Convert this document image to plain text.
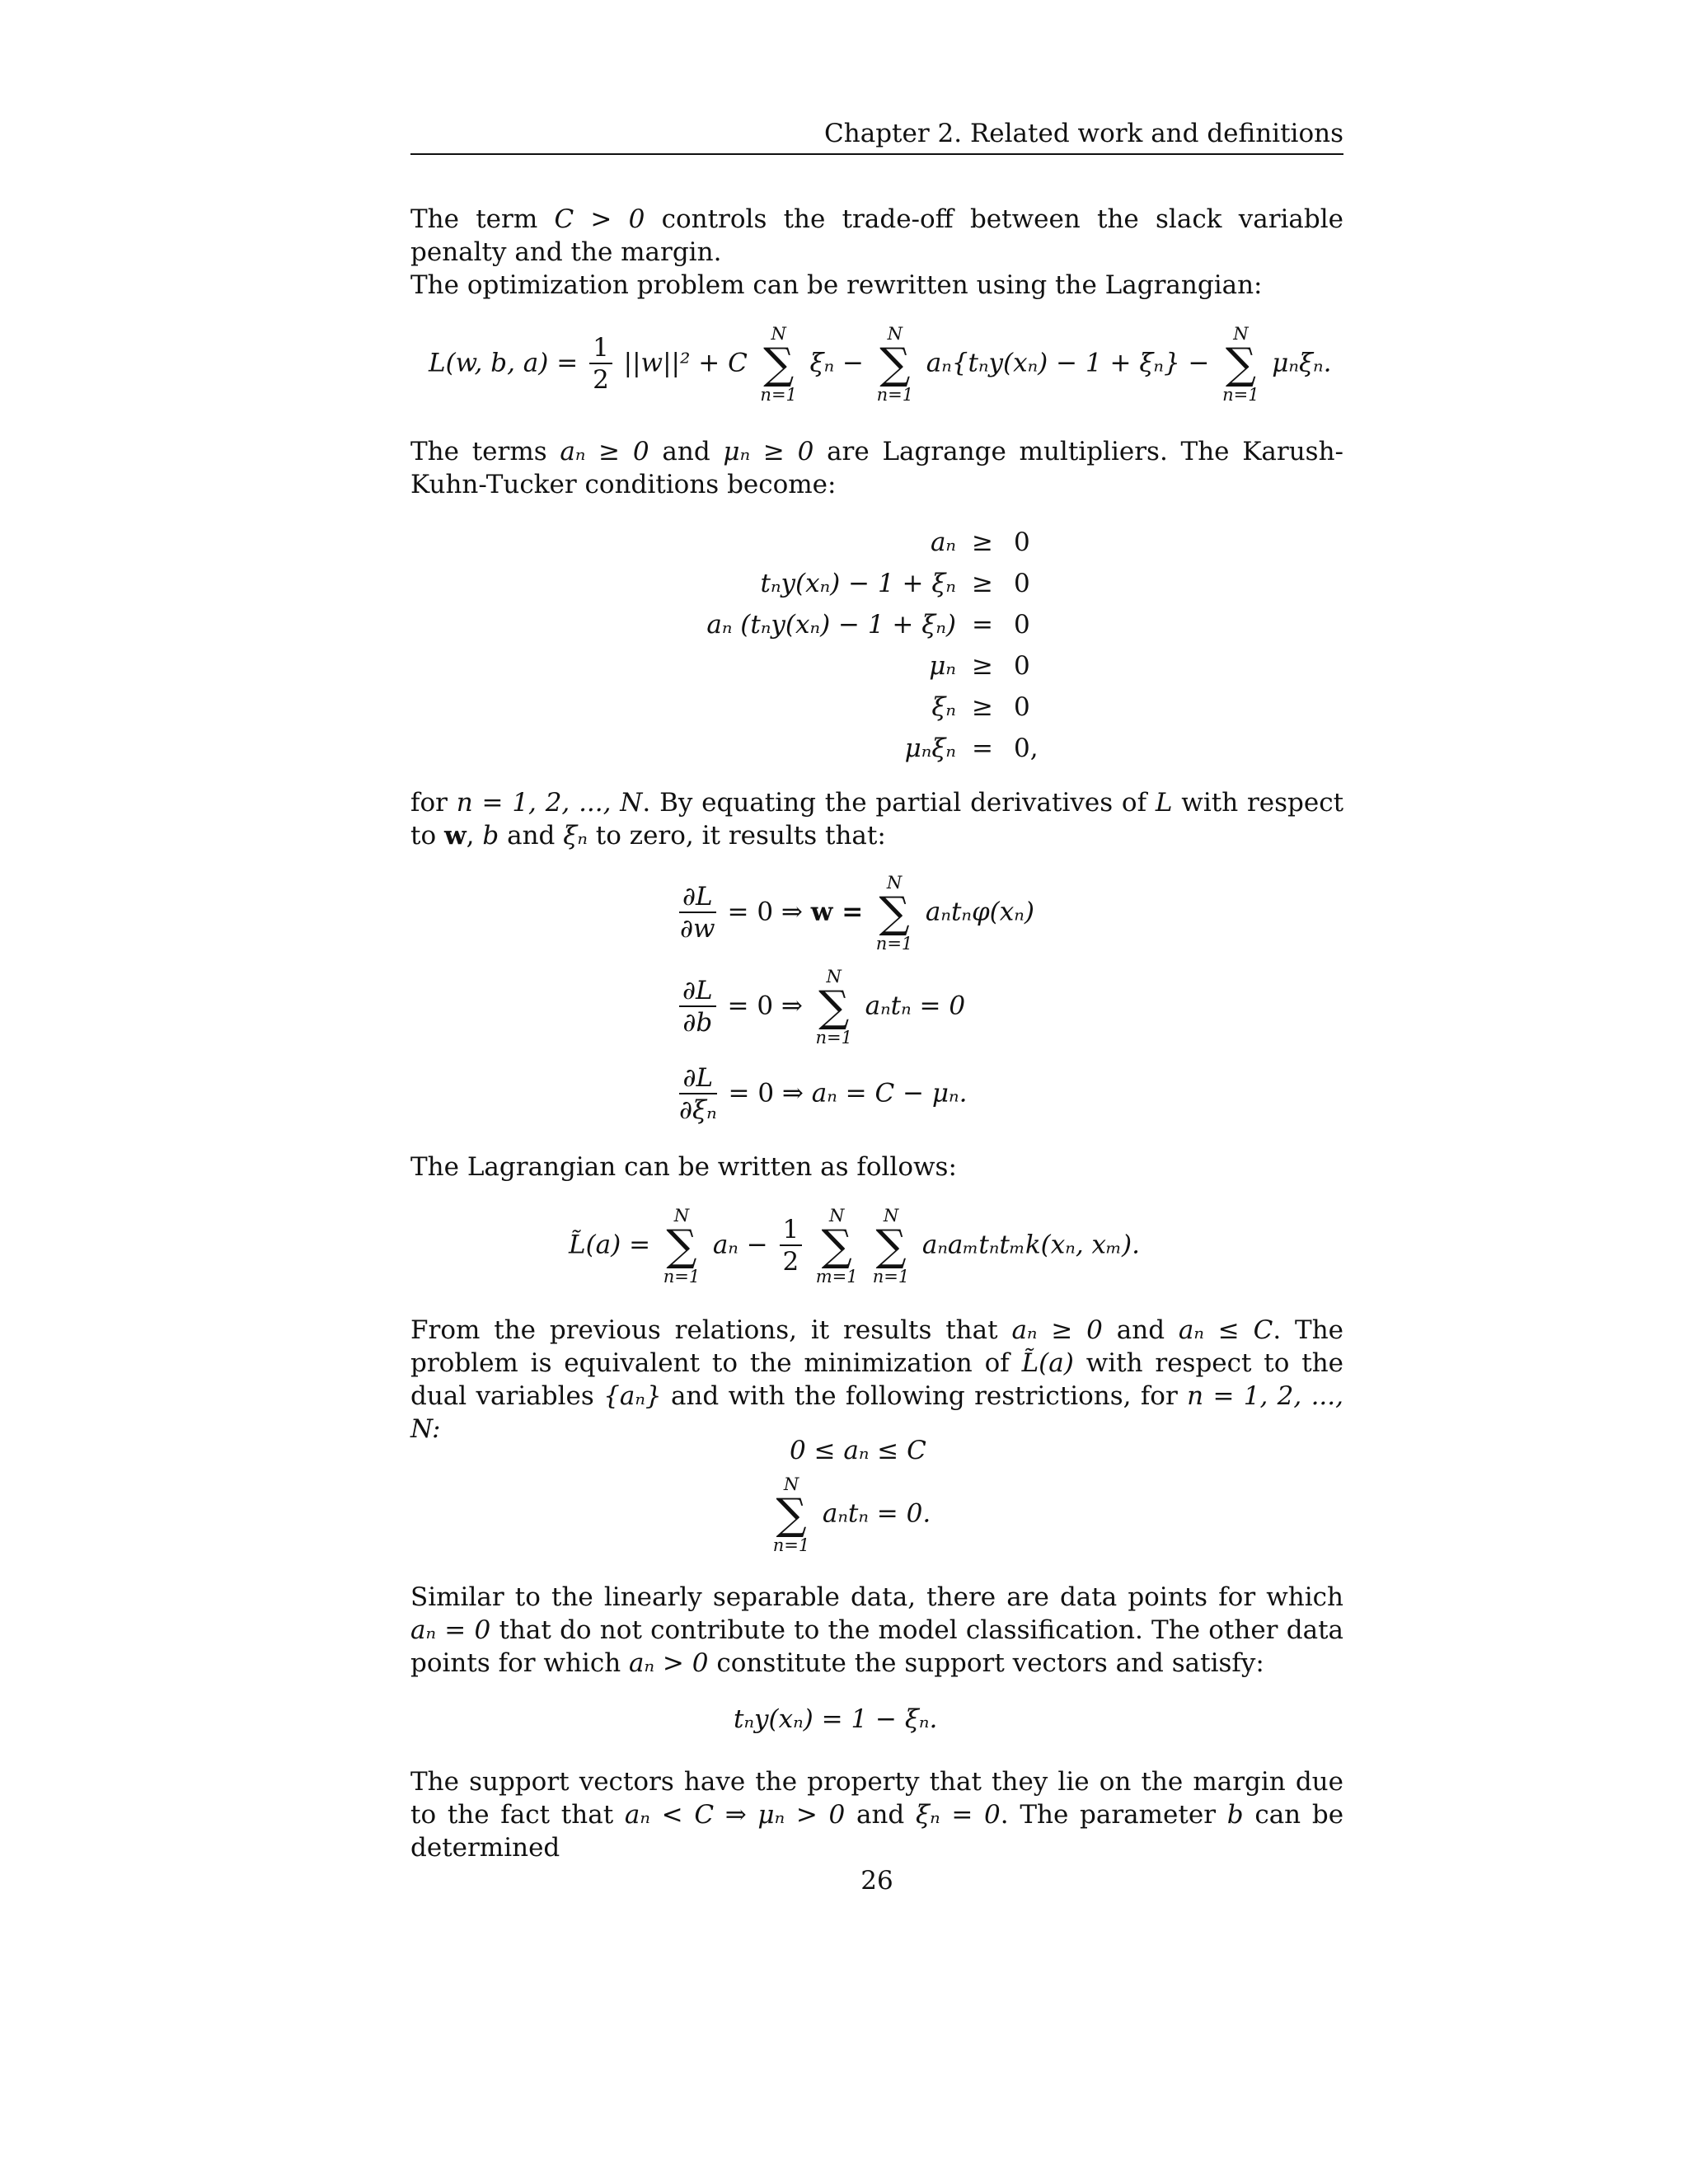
Chapter 2. Related work and definitions

The term C > 0 controls the trade-off between the slack variable penalty and the margin.
The optimization problem can be rewritten using the Lagrangian:

L(w, b, $a) = \frac{1}{2} ||w||^2 + C$
N
∑
n=1
ξₙ −
N
∑
n=1
aₙ{tₙy(xₙ) − 1 + ξₙ} −
N
∑
n=1
μₙξₙ.

The terms aₙ ≥ 0 and μₙ ≥ 0 are Lagrange multipliers. The Karush-Kuhn-Tucker conditions become:

aₙ ≥ 0
tₙy(xₙ) − 1 + ξₙ ≥ 0
aₙ (tₙy(xₙ) − 1 + ξₙ) = 0
μₙ ≥ 0
ξₙ ≥ 0
μₙξₙ = 0,

for n = 1, 2, ..., N. By equating the partial derivatives of L with respect to w, b and ξₙ to zero, it results that:

$\frac{\partial L}{\partial w} = 0$ ⇒ w =
N
∑
n=1
aₙtₙφ(xₙ)
$\frac{\partial L}{\partial b} = 0$ ⇒
N
∑
n=1
aₙtₙ = 0
$\frac{\partial L}{\text{∂ξₙ}} = 0$ ⇒ aₙ = C − μₙ.

The Lagrangian can be written as follows:

L̃(a) =
N
∑
n=1
$a_n - \frac{1}{2}$
	N
∑
m=1

N
∑
n=1
aₙaₘtₙtₘk(xₙ, xₘ).

From the previous relations, it results that aₙ ≥ 0 and aₙ ≤ C. The problem is equivalent to the minimization of L̃(a) with respect to the dual variables {aₙ} and with the following restrictions, for n = 1, 2, ..., N:

0 ≤ aₙ ≤ C
N
∑
n=1
aₙtₙ = 0.

Similar to the linearly separable data, there are data points for which aₙ = 0 that do not contribute to the model classification. The other data points for which aₙ > 0 constitute the support vectors and satisfy:

tₙy(xₙ) = 1 − ξₙ.

The support vectors have the property that they lie on the margin due to the fact that aₙ < C ⇒ μₙ > 0 and ξₙ = 0. The parameter b can be determined

26
